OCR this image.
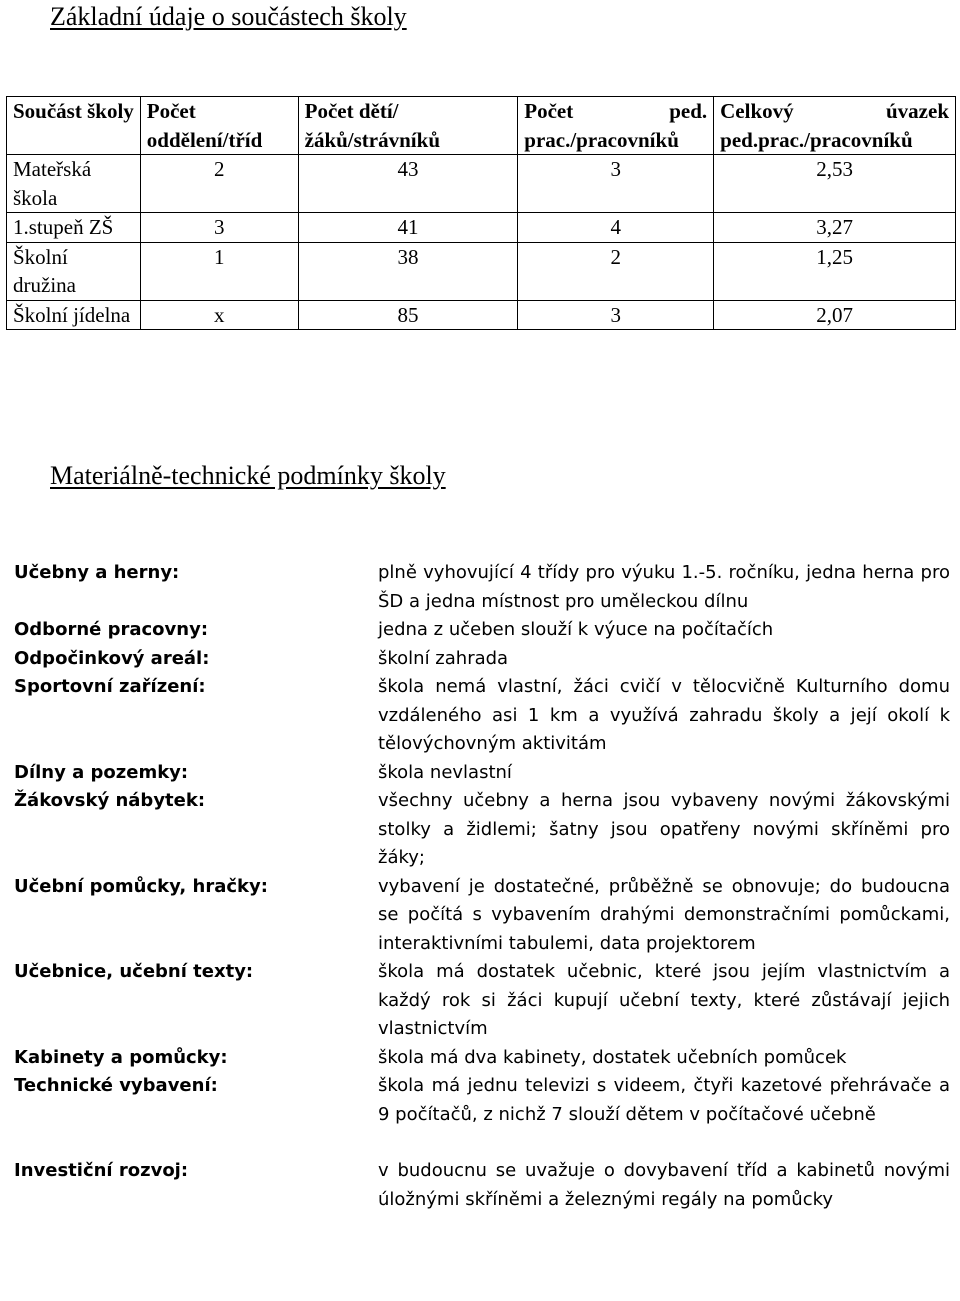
Základní údaje o součástech školy
Součást školy	Počet oddělení/tříd	Počet dětí/žáků/strávníků	Počet ped. prac./pracovníků	Celkový úvazek ped.prac./pracovníků
Mateřská škola	2	43	3	2,53
1.stupeň ZŠ	3	41	4	3,27
Školní družina	1	38	2	1,25
Školní jídelna	x	85	3	2,07
Materiálně-technické podmínky školy
Učebny a herny:	plně vyhovující 4 třídy pro výuku 1.-5. ročníku, jedna herna pro ŠD a jedna místnost pro uměleckou dílnu
Odborné pracovny:	jedna z učeben slouží k výuce na počítačích
Odpočinkový areál:	školní zahrada
Sportovní zařízení:	škola nemá vlastní, žáci cvičí v tělocvičně Kulturního domu vzdáleného asi 1 km a využívá zahradu školy a její okolí k tělovýchovným aktivitám
Dílny a pozemky:	škola nevlastní
Žákovský nábytek:	všechny učebny a herna jsou vybaveny novými žákovskými stolky a židlemi; šatny jsou opatřeny novými skříněmi pro žáky;
Učební pomůcky, hračky:	vybavení je dostatečné, průběžně se obnovuje; do budoucna se počítá s vybavením drahými demonstračními pomůckami, interaktivními tabulemi, data projektorem
Učebnice, učební texty:	škola má dostatek učebnic, které jsou jejím vlastnictvím a každý rok si žáci kupují učební texty, které zůstávají jejich vlastnictvím
Kabinety a pomůcky:	škola má dva kabinety, dostatek učebních pomůcek
Technické vybavení:	škola má jednu televizi s videem, čtyři kazetové přehrávače a 9 počítačů, z nichž 7 slouží dětem v počítačové učebně
Investiční rozvoj:	v budoucnu se uvažuje o dovybavení tříd a kabinetů novými úložnými skříněmi a železnými regály na pomůcky
